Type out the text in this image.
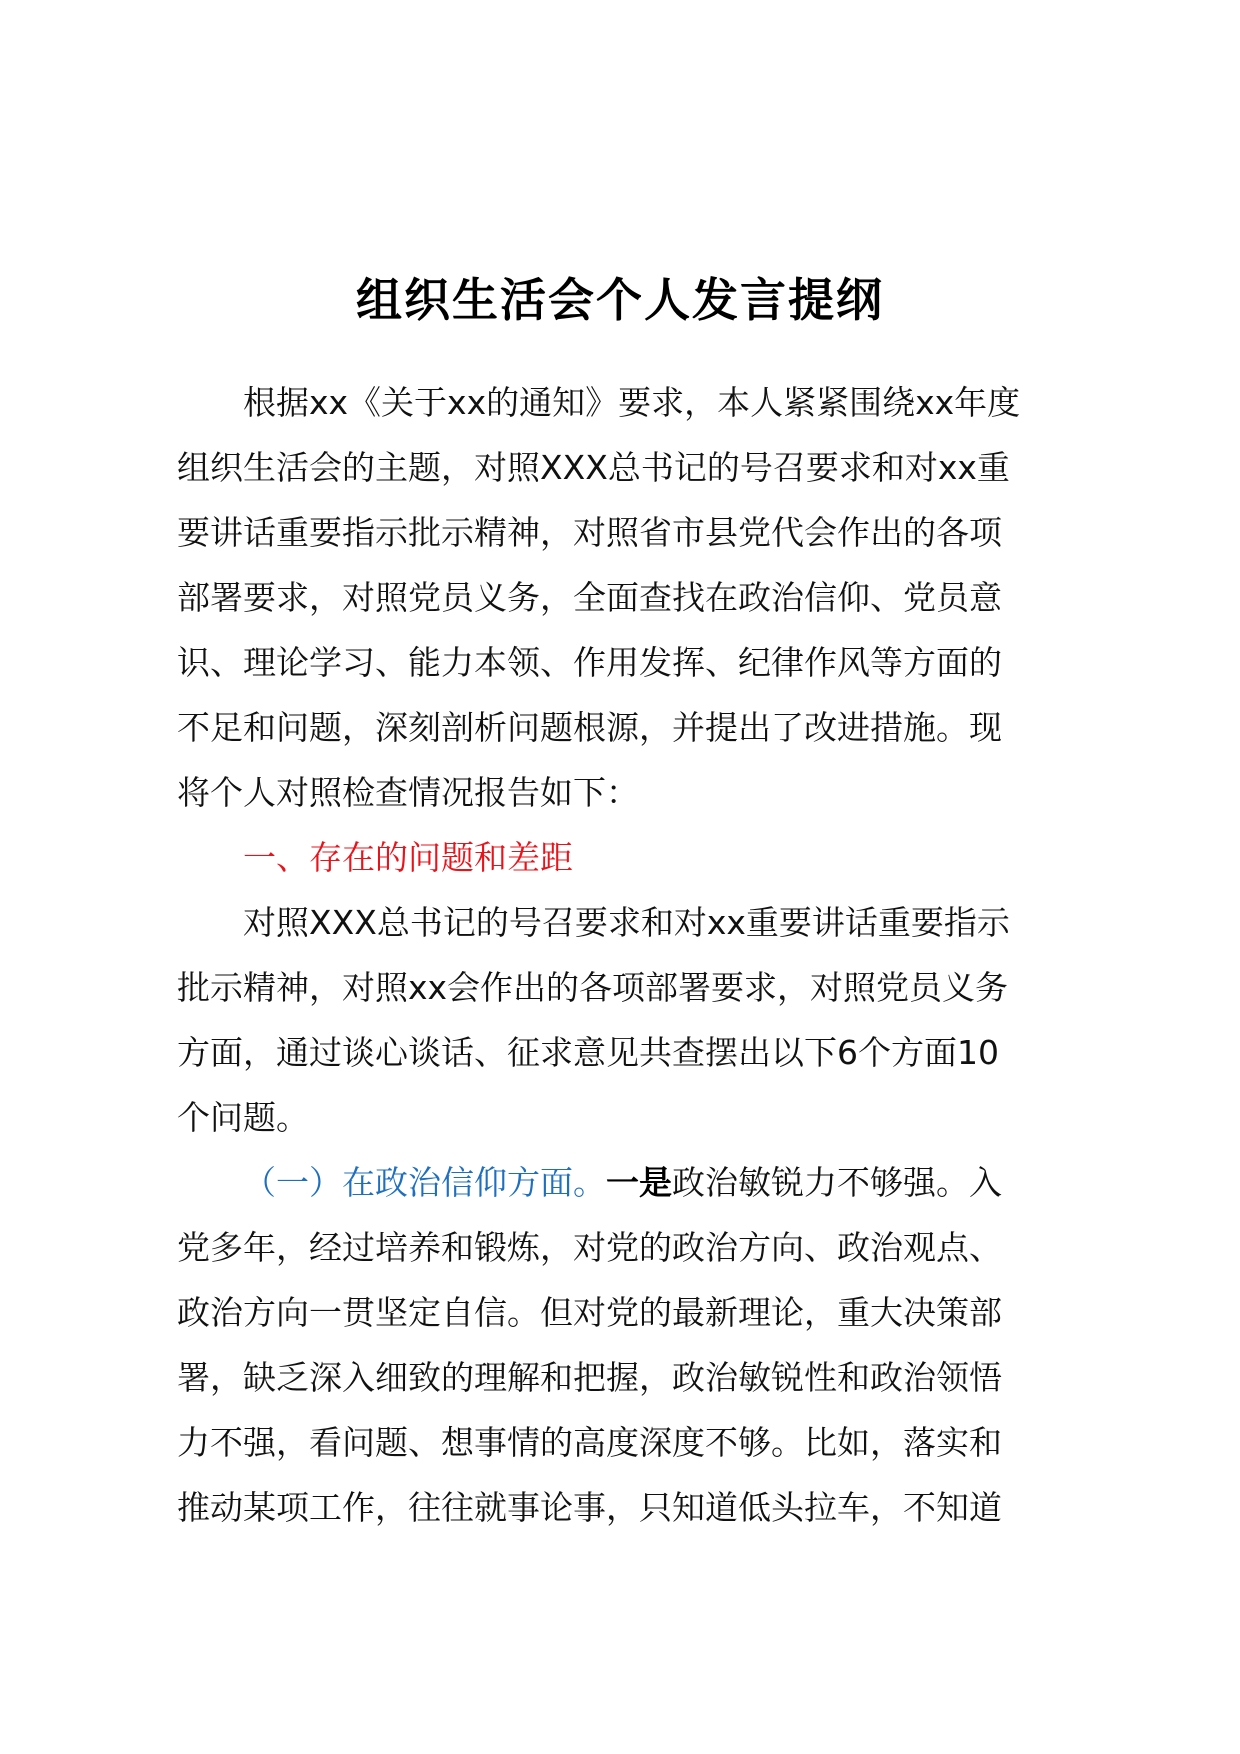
组织生活会个人发言提纲
根据xx《关于xx的通知》要求，本人紧紧围绕xx年度
组织生活会的主题，对照XXX总书记的号召要求和对xx重
要讲话重要指示批示精神，对照省市县党代会作出的各项
部署要求，对照党员义务，全面查找在政治信仰、党员意
识、理论学习、能力本领、作用发挥、纪律作风等方面的
不足和问题，深刻剖析问题根源，并提出了改进措施。现
将个人对照检查情况报告如下：
一、存在的问题和差距
对照XXX总书记的号召要求和对xx重要讲话重要指示
批示精神，对照xx会作出的各项部署要求，对照党员义务
方面，通过谈心谈话、征求意见共查摆出以下6个方面10
个问题。
（一）在政治信仰方面。一是政治敏锐力不够强。入
党多年，经过培养和锻炼，对党的政治方向、政治观点、
政治方向一贯坚定自信。但对党的最新理论，重大决策部
署，缺乏深入细致的理解和把握，政治敏锐性和政治领悟
力不强，看问题、想事情的高度深度不够。比如，落实和
推动某项工作，往往就事论事，只知道低头拉车，不知道
